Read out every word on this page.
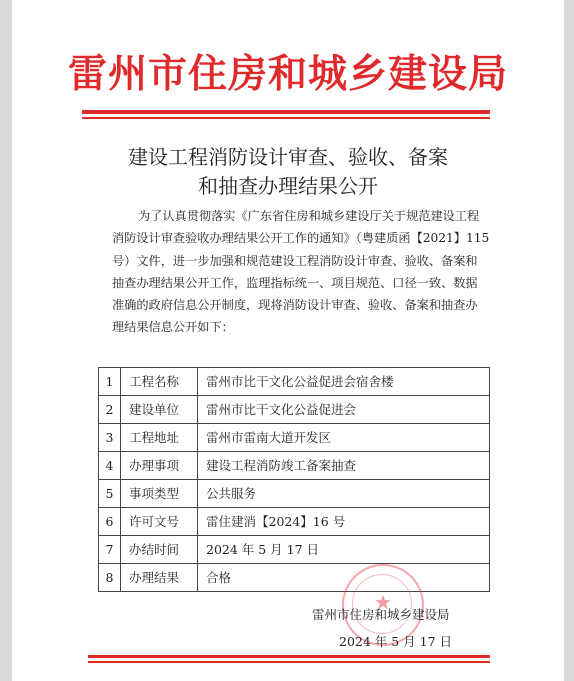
雷州市住房和城乡建设局
建设工程消防设计审查、验收、备案
和抽查办理结果公开

为了认真贯彻落实《广东省住房和城乡建设厅关于规范建设工程

消防设计审查验收办理结果公开工作的通知》（粤建质函【2021】115

号）文件，进一步加强和规范建设工程消防设计审查、验收、备案和

抽查办理结果公开工作，监理指标统一、项目规范、口径一致、数据

准确的政府信息公开制度，现将消防设计审查、验收、备案和抽查办

理结果信息公开如下：

1	工程名称	雷州市比干文化公益促进会宿舍楼
2	建设单位	雷州市比干文化公益促进会
3	工程地址	雷州市雷南大道开发区
4	办理事项	建设工程消防竣工备案抽查
5	事项类型	公共服务
6	许可文号	雷住建消【2024】16 号
7	办结时间	2024 年 5 月 17 日
8	办理结果	合格
★
雷州市住房和城乡建设局
2024 年 5 月 17 日
